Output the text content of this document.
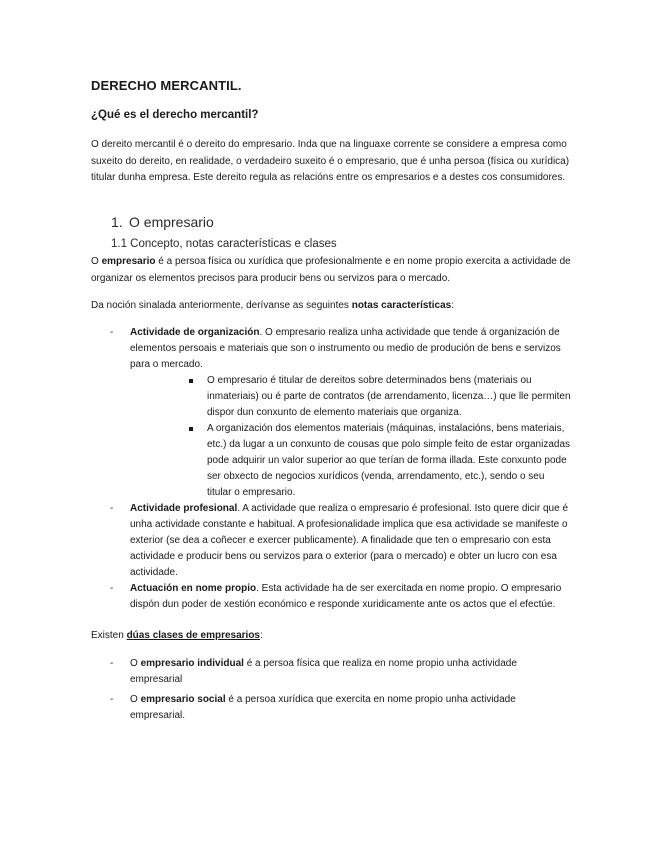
DERECHO MERCANTIL.
¿Qué es el derecho mercantil?

O dereito mercantil é o dereito do empresario. Inda que na linguaxe corrente se considere a empresa como suxeito do dereito, en realidade, o verdadeiro suxeito é o empresario, que é unha persoa (física ou xurídica) titular dunha empresa. Este dereito regula as relacións entre os empresarios e a destes cos consumidores.

1. O empresario
1.1 Concepto, notas características e clases

O empresario é a persoa física ou xurídica que profesionalmente e en nome propio exercita a actividade de organizar os elementos precisos para producir bens ou servizos para o mercado.

Da noción sinalada anteriormente, derívanse as seguintes notas características:

- Actividade de organización. O empresario realiza unha actividade que tende á organización de elementos persoais e materiais que son o instrumento ou medio de produción de bens e servizos para o mercado.
O empresario é titular de dereitos sobre determinados bens (materiais ou inmateriais) ou é parte de contratos (de arrendamento, licenza…) que lle permiten dispor dun conxunto de elemento materiais que organiza.
A organización dos elementos materiais (máquinas, instalacións, bens materiais, etc.) da lugar a un conxunto de cousas que polo simple feito de estar organizadas pode adquirir un valor superior ao que terían de forma illada. Este conxunto pode ser obxecto de negocios xurídicos (venda, arrendamento, etc.), sendo o seu titular o empresario.
- Actividade profesional. A actividade que realiza o empresario é profesional. Isto quere dicir que é unha actividade constante e habitual. A profesionalidade implica que esa actividade se manifeste o exterior (se dea a coñecer e exercer publicamente). A finalidade que ten o empresario con esta actividade e producir bens ou servizos para o exterior (para o mercado) e obter un lucro con esa actividade.
- Actuación en nome propio. Esta actividade ha de ser exercitada en nome propio. O empresario dispón dun poder de xestión económico e responde xuridicamente ante os actos que el efectúe.

Existen dúas clases de empresarios:

- O empresario individual é a persoa física que realiza en nome propio unha actividade empresarial
- O empresario social é a persoa xurídica que exercita en nome propio unha actividade empresarial.
